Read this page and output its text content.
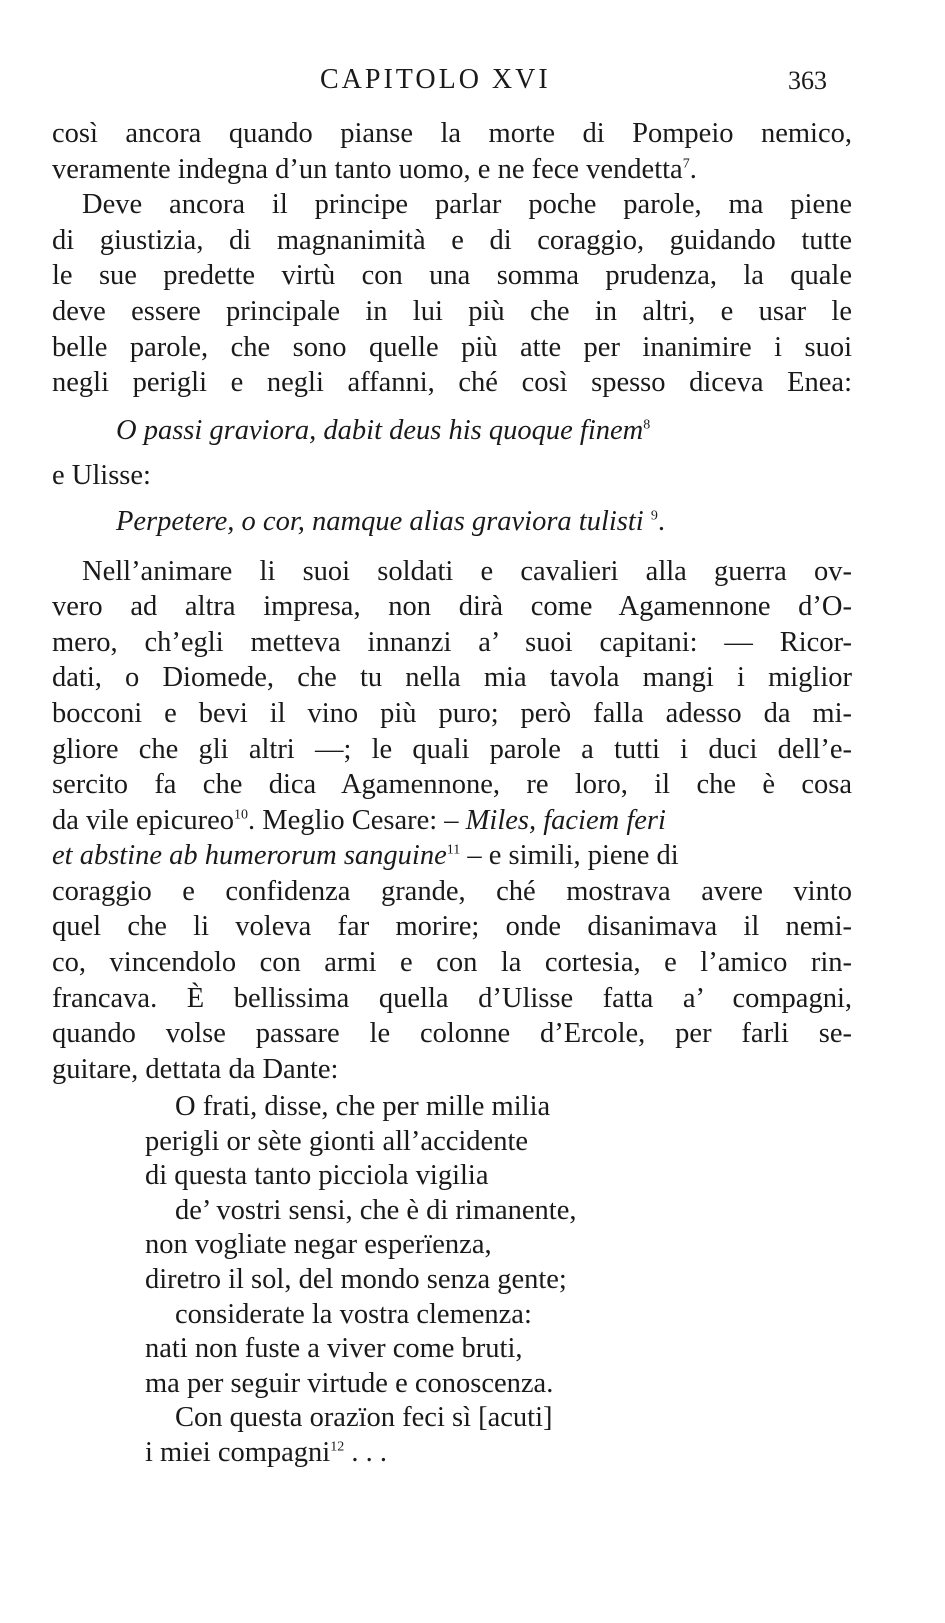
CAPITOLO XVI	363
così ancora quando pianse la morte di Pompeio nemico,
veramente indegna d’un tanto uomo, e ne fece vendetta$^7$.
Deve ancora il principe parlar poche parole, ma piene
di giustizia, di magnanimità e di coraggio, guidando tutte
le sue predette virtù con una somma prudenza, la quale
deve essere principale in lui più che in altri, e usar le
belle parole, che sono quelle più atte per inanimire i suoi
negli perigli e negli affanni, ché così spesso diceva Enea:
O passi graviora, dabit deus his quoque finem$^8$
e Ulisse:
Perpetere, o cor, namque alias graviora tulisti $^9$.
Nell’animare li suoi soldati e cavalieri alla guerra ov-
vero ad altra impresa, non dirà come Agamennone d’O-
mero, ch’egli metteva innanzi a’ suoi capitani: — Ricor-
dati, o Diomede, che tu nella mia tavola mangi i miglior
bocconi e bevi il vino più puro; però falla adesso da mi-
gliore che gli altri —; le quali parole a tutti i duci dell’e-
sercito fa che dica Agamennone, re loro, il che è cosa
da vile epicureo$^{10}$. Meglio Cesare: – Miles, faciem feri
et abstine ab humerorum sanguine$^{11}$ – e simili, piene di
coraggio e confidenza grande, ché mostrava avere vinto
quel che li voleva far morire; onde disanimava il nemi-
co, vincendolo con armi e con la cortesia, e l’amico rin-
francava. È bellissima quella d’Ulisse fatta a’ compagni,
quando volse passare le colonne d’Ercole, per farli se-
guitare, dettata da Dante:
O frati, disse, che per mille milia
perigli or sète gionti all’accidente
di questa tanto picciola vigilia
de’ vostri sensi, che è di rimanente,
non vogliate negar esperïenza,
diretro il sol, del mondo senza gente;
considerate la vostra clemenza:
nati non fuste a viver come bruti,
ma per seguir virtude e conoscenza.
Con questa orazïon feci sì [acuti]
i miei compagni$^{12}$ . . .
